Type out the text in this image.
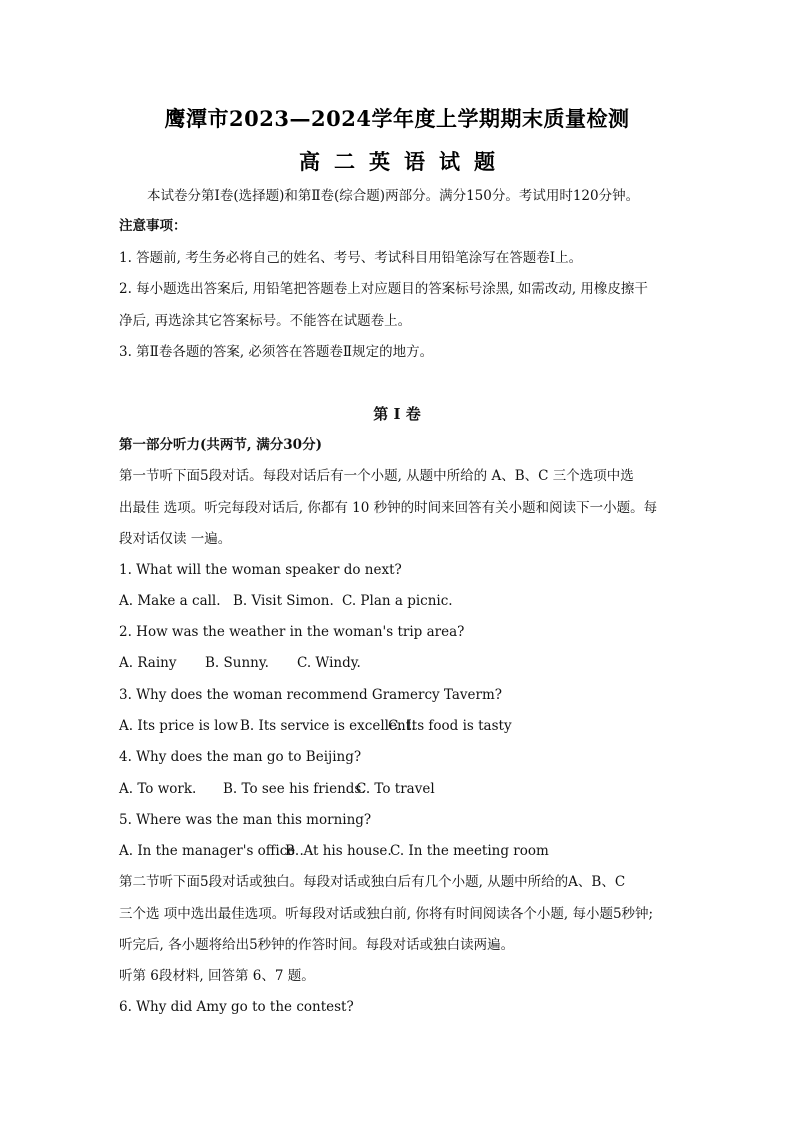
鹰潭市2023—2024学年度上学期期末质量检测
高二英语试题
本试卷分第Ⅰ卷(选择题)和第Ⅱ卷(综合题)两部分。满分150分。考试用时120分钟。
注意事项：
1. 答题前, 考生务必将自己的姓名、考号、考试科目用铅笔涂写在答题卷Ⅰ上。
2. 每小题选出答案后, 用铅笔把答题卷上对应题目的答案标号涂黑, 如需改动, 用橡皮擦干
净后, 再选涂其它答案标号。不能答在试题卷上。
3. 第Ⅱ卷各题的答案, 必须答在答题卷Ⅱ规定的地方。
第 I 卷
第一部分听力(共两节, 满分30分)
第一节听下面5段对话。每段对话后有一个小题, 从题中所给的 A、B、C 三个选项中选
出最佳 选项。听完每段对话后, 你都有 10 秒钟的时间来回答有关小题和阅读下一小题。每
段对话仅读 一遍。
1. What will the woman speaker do next?
A. Make a call. B. Visit Simon. C. Plan a picnic.
2. How was the weather in the woman's trip area?
A. Rainy B. Sunny. C. Windy.
3. Why does the woman recommend Gramercy Taverm?
A. Its price is low B. Its service is excellent.C. Its food is tasty
4. Why does the man go to Beijing?
A. To work. B. To see his friends.C. To travel
5. Where was the man this morning?
A. In the manager's office .B. At his house.C. In the meeting room
第二节听下面5段对话或独白。每段对话或独白后有几个小题, 从题中所给的A、B、C
三个选 项中选出最佳选项。听每段对话或独白前, 你将有时间阅读各个小题, 每小题5秒钟;
听完后, 各小题将给出5秒钟的作答时间。每段对话或独白读两遍。
听第 6段材料, 回答第 6、7 题。
6. Why did Amy go to the contest?
